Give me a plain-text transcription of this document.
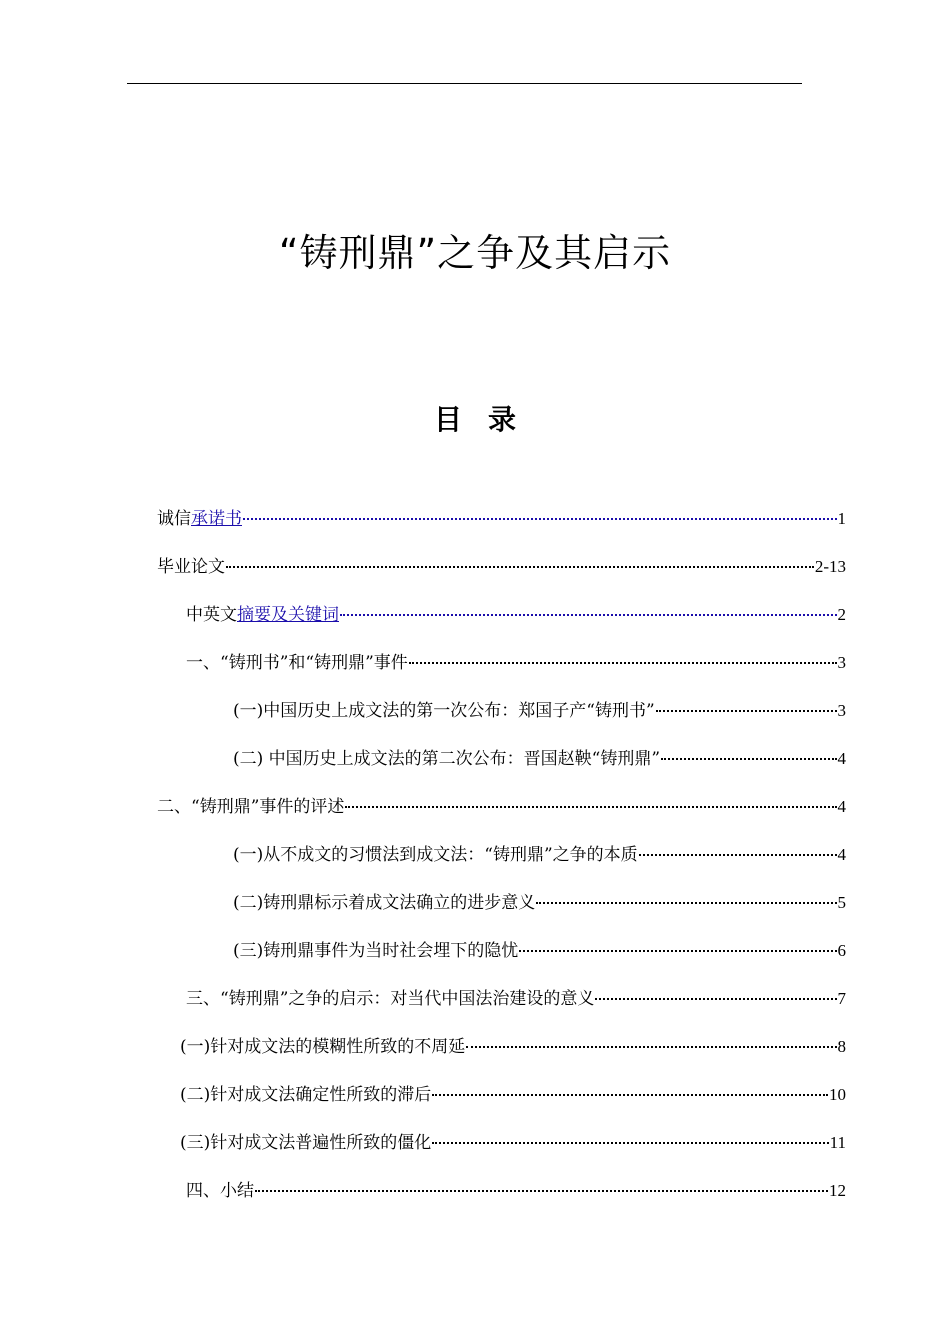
“铸刑鼎”之争及其启示
目 录
诚信 承诺书	1
毕业论文	2-13
中英文 摘要及关键词	2
一、“铸刑书”和“铸刑鼎”事件	3
(一)中国历史上成文法的第一次公布：郑国子产“铸刑书”	3
(二) 中国历史上成文法的第二次公布：晋国赵鞅“铸刑鼎”	4
二、“铸刑鼎”事件的评述	4
(一)从不成文的习惯法到成文法：“铸刑鼎”之争的本质	4
(二)铸刑鼎标示着成文法确立的进步意义	5
(三)铸刑鼎事件为当时社会埋下的隐忧	6
三、“铸刑鼎”之争的启示：对当代中国法治建设的意义	7
(一)针对成文法的模糊性所致的不周延	8
(二)针对成文法确定性所致的滞后	10
(三)针对成文法普遍性所致的僵化	11
四、小结	12
